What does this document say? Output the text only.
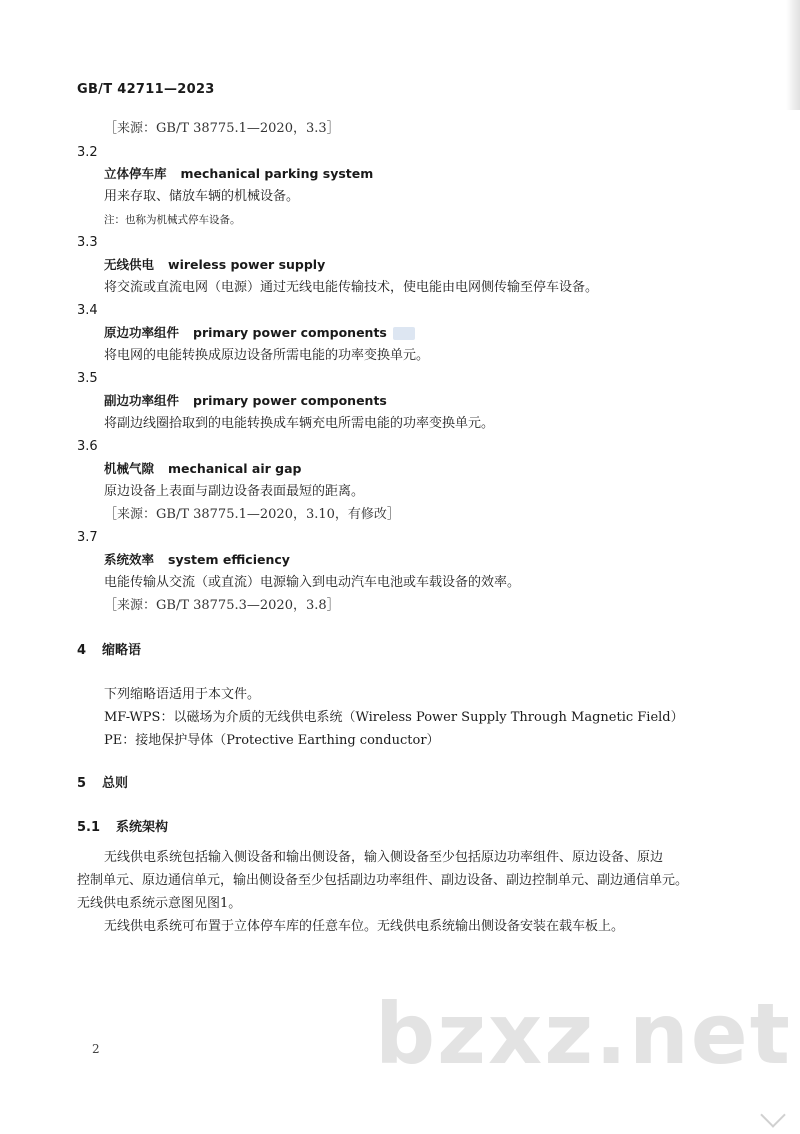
GB/T 42711—2023
［来源：GB/T 38775.1—2020，3.3］
3.2
立体停车库 mechanical parking system
用来存取、储放车辆的机械设备。
注：也称为机械式停车设备。
3.3
无线供电 wireless power supply
将交流或直流电网（电源）通过无线电能传输技术，使电能由电网侧传输至停车设备。
3.4
原边功率组件 primary power components
将电网的电能转换成原边设备所需电能的功率变换单元。
3.5
副边功率组件 primary power components
将副边线圈拾取到的电能转换成车辆充电所需电能的功率变换单元。
3.6
机械气隙 mechanical air gap
原边设备上表面与副边设备表面最短的距离。
［来源：GB/T 38775.1—2020，3.10，有修改］
3.7
系统效率 system efficiency
电能传输从交流（或直流）电源输入到电动汽车电池或车载设备的效率。
［来源：GB/T 38775.3—2020，3.8］
4 缩略语
下列缩略语适用于本文件。
MF-WPS：以磁场为介质的无线供电系统（Wireless Power Supply Through Magnetic Field）
PE：接地保护导体（Protective Earthing conductor）
5 总则
5.1 系统架构
无线供电系统包括输入侧设备和输出侧设备，输入侧设备至少包括原边功率组件、原边设备、原边
控制单元、原边通信单元，输出侧设备至少包括副边功率组件、副边设备、副边控制单元、副边通信单元。
无线供电系统示意图见图1。
无线供电系统可布置于立体停车库的任意车位。无线供电系统输出侧设备安装在载车板上。
bzxz.net
2
